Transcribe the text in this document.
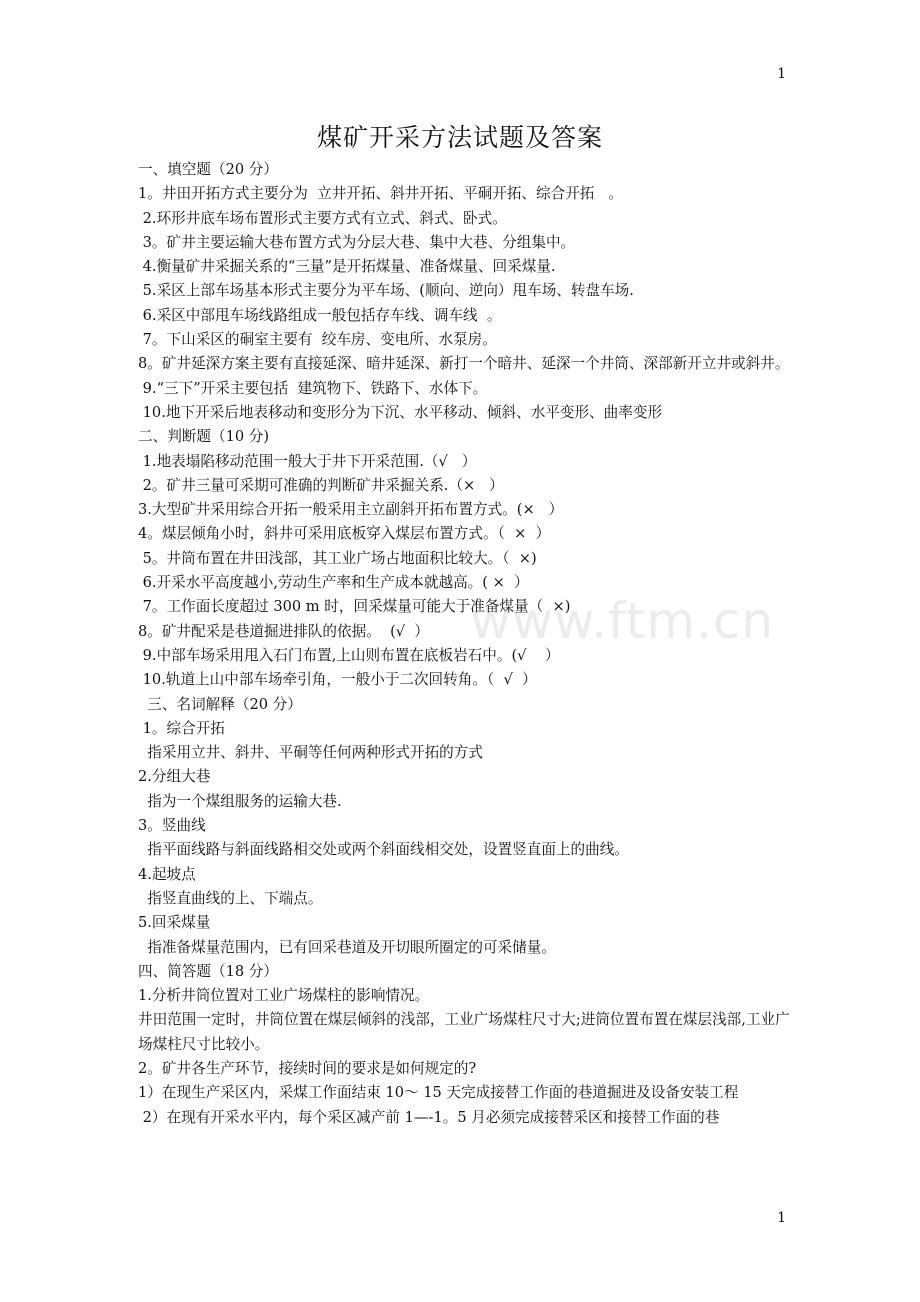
1
煤矿开采方法试题及答案
www.ftm.cn
一、填空题（20 分）
1。井田开拓方式主要分为  立井开拓、斜井开拓、平硐开拓、综合开拓   。
2.环形井底车场布置形式主要方式有立式、斜式、卧式。
3。矿井主要运输大巷布置方式为分层大巷、集中大巷、分组集中。
4.衡量矿井采掘关系的“三量”是开拓煤量、准备煤量、回采煤量.
5.采区上部车场基本形式主要分为平车场、(顺向、逆向）甩车场、转盘车场.
6.采区中部甩车场线路组成一般包括存车线、调车线  。
7。下山采区的硐室主要有  绞车房、变电所、水泵房。
8。矿井延深方案主要有直接延深、暗井延深、新打一个暗井、延深一个井筒、深部新开立井或斜井。
9.“三下”开采主要包括  建筑物下、铁路下、水体下。
10.地下开采后地表移动和变形分为下沉、水平移动、倾斜、水平变形、曲率变形
二、判断题（10 分)
1.地表塌陷移动范围一般大于井下开采范围.（√   ）
2。矿井三量可采期可准确的判断矿井采掘关系.（×   ）
3.大型矿井采用综合开拓一般采用主立副斜开拓布置方式。(×   ）
4。煤层倾角小时，斜井可采用底板穿入煤层布置方式。（  ×  ）
5。井筒布置在井田浅部，其工业广场占地面积比较大。（  ×)
6.开采水平高度越小,劳动生产率和生产成本就越高。( ×  ）
7。工作面长度超过 300 m 时，回采煤量可能大于准备煤量（  ×)
8。矿井配采是巷道掘进排队的依据。  (√  ）
9.中部车场采用甩入石门布置,上山则布置在底板岩石中。(√    ）
10.轨道上山中部车场牵引角，一般小于二次回转角。（  √  ）
三、名词解释（20 分）
1。综合开拓
指采用立井、斜井、平硐等任何两种形式开拓的方式
2.分组大巷
指为一个煤组服务的运输大巷.
3。竖曲线
指平面线路与斜面线路相交处或两个斜面线相交处，设置竖直面上的曲线。
4.起坡点
指竖直曲线的上、下端点。
5.回采煤量
指准备煤量范围内，已有回采巷道及开切眼所圈定的可采储量。
四、简答题（18 分）
1.分析井筒位置对工业广场煤柱的影响情况。
井田范围一定时，井筒位置在煤层倾斜的浅部，工业广场煤柱尺寸大;进筒位置布置在煤层浅部,工业广场煤柱尺寸比较小。
2。矿井各生产环节，接续时间的要求是如何规定的?
1）在现生产采区内，采煤工作面结束 10～ 15 天完成接替工作面的巷道掘进及设备安装工程
2）在现有开采水平内，每个采区减产前 1—-1。5 月必须完成接替采区和接替工作面的巷
1
